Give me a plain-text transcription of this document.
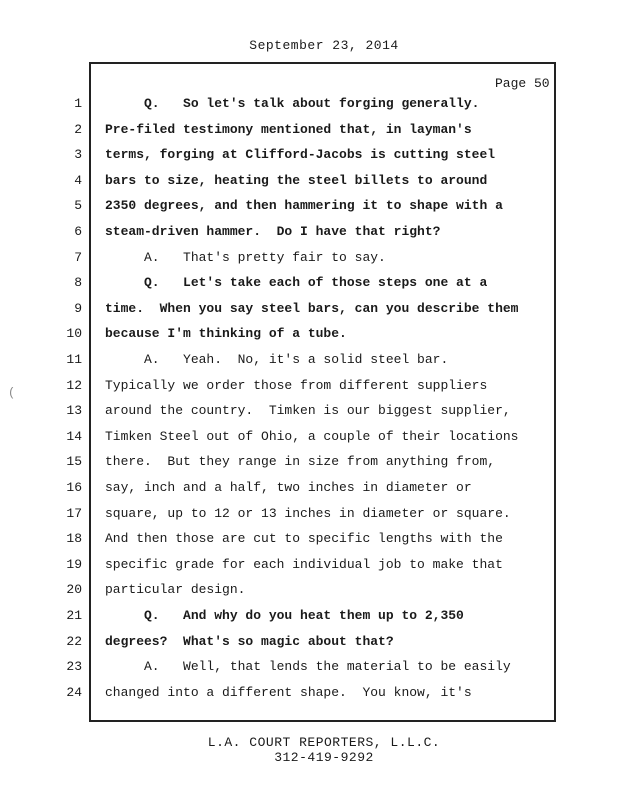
September 23, 2014
Page 50
1 Q.   So let's talk about forging generally.
2 Pre-filed testimony mentioned that, in layman's
3 terms, forging at Clifford-Jacobs is cutting steel
4 bars to size, heating the steel billets to around
5 2350 degrees, and then hammering it to shape with a
6 steam-driven hammer.  Do I have that right?
7 A.   That's pretty fair to say.
8 Q.   Let's take each of those steps one at a
9 time.  When you say steel bars, can you describe them
10 because I'm thinking of a tube.
11 A.   Yeah.  No, it's a solid steel bar.
12 Typically we order those from different suppliers
13 around the country.  Timken is our biggest supplier,
14 Timken Steel out of Ohio, a couple of their locations
15 there.  But they range in size from anything from,
16 say, inch and a half, two inches in diameter or
17 square, up to 12 or 13 inches in diameter or square.
18 And then those are cut to specific lengths with the
19 specific grade for each individual job to make that
20 particular design.
21 Q.   And why do you heat them up to 2,350
22 degrees?  What's so magic about that?
23 A.   Well, that lends the material to be easily
24 changed into a different shape.  You know, it's
(
L.A. COURT REPORTERS, L.L.C.
312-419-9292
